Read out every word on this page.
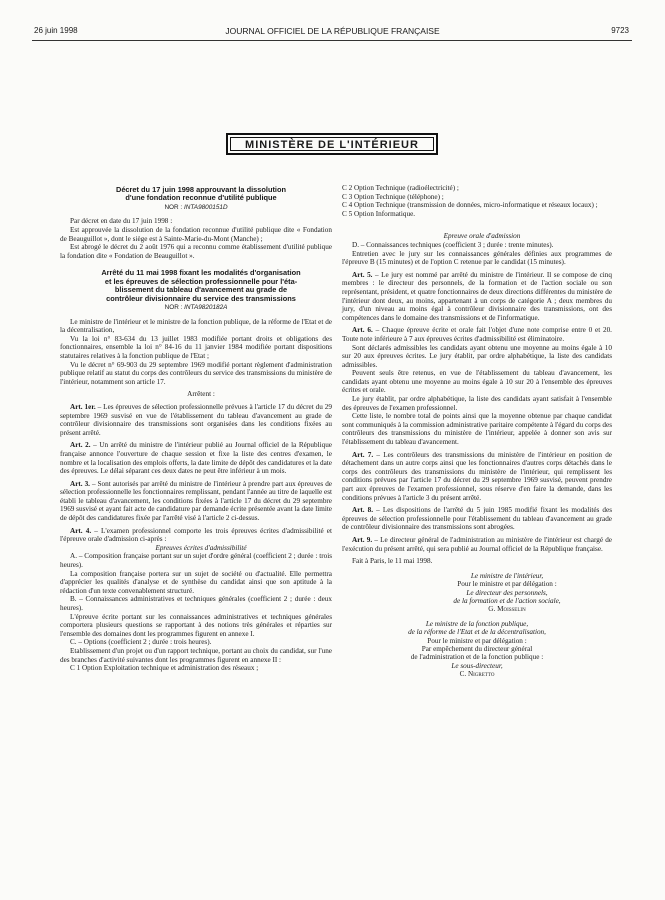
26 juin 1998	JOURNAL OFFICIEL DE LA RÉPUBLIQUE FRANÇAISE	9723
MINISTÈRE DE L'INTÉRIEUR

Décret du 17 juin 1998 approuvant la dissolution

d'une fondation reconnue d'utilité publique

NOR : INTA9800151D

Par décret en date du 17 juin 1998 :

Est approuvée la dissolution de la fondation reconnue d'utilité publique dite « Fondation de Beauguillot », dont le siège est à Sainte-Marie-du-Mont (Manche) ;

Est abrogé le décret du 2 août 1976 qui a reconnu comme établissement d'utilité publique la fondation dite « Fondation de Beauguillot ».

Arrêté du 11 mai 1998 fixant les modalités d'organisation

et les épreuves de sélection professionnelle pour l'éta-

blissement du tableau d'avancement au grade de

contrôleur divisionnaire du service des transmissions

NOR : INTA9820182A

Le ministre de l'intérieur et le ministre de la fonction publique, de la réforme de l'Etat et de la décentralisation,

Vu la loi n° 83-634 du 13 juillet 1983 modifiée portant droits et obligations des fonctionnaires, ensemble la loi n° 84-16 du 11 janvier 1984 modifiée portant dispositions statutaires relatives à la fonction publique de l'Etat ;

Vu le décret n° 69-903 du 29 septembre 1969 modifié portant règlement d'administration publique relatif au statut du corps des contrôleurs du service des transmissions du ministère de l'intérieur, notamment son article 17.

Arrêtent :

Art. 1er. – Les épreuves de sélection professionnelle prévues à l'article 17 du décret du 29 septembre 1969 susvisé en vue de l'établissement du tableau d'avancement au grade de contrôleur divisionnaire des transmissions sont organisées dans les conditions fixées au présent arrêté.

Art. 2. – Un arrêté du ministre de l'intérieur publié au Journal officiel de la République française annonce l'ouverture de chaque session et fixe la liste des centres d'examen, le nombre et la localisation des emplois offerts, la date limite de dépôt des candidatures et la date des épreuves. Le délai séparant ces deux dates ne peut être inférieur à un mois.

Art. 3. – Sont autorisés par arrêté du ministre de l'intérieur à prendre part aux épreuves de sélection professionnelle les fonctionnaires remplissant, pendant l'année au titre de laquelle est établi le tableau d'avancement, les conditions fixées à l'article 17 du décret du 29 septembre 1969 susvisé et ayant fait acte de candidature par demande écrite présentée avant la date limite de dépôt des candidatures fixée par l'arrêté visé à l'article 2 ci-dessus.

Art. 4. – L'examen professionnel comporte les trois épreuves écrites d'admissibilité et l'épreuve orale d'admission ci-après :

Epreuves écrites d'admissibilité

A. – Composition française portant sur un sujet d'ordre général (coefficient 2 ; durée : trois heures).

La composition française portera sur un sujet de société ou d'actualité. Elle permettra d'apprécier les qualités d'analyse et de synthèse du candidat ainsi que son aptitude à la rédaction d'un texte convenablement structuré.

B. – Connaissances administratives et techniques générales (coefficient 2 ; durée : deux heures).

L'épreuve écrite portant sur les connaissances administratives et techniques générales comportera plusieurs questions se rapportant à des notions très générales et réparties sur l'ensemble des domaines dont les programmes figurent en annexe I.

C. – Options (coefficient 2 ; durée : trois heures).

Etablissement d'un projet ou d'un rapport technique, portant au choix du candidat, sur l'une des branches d'activité suivantes dont les programmes figurent en annexe II :

C 1 Option Exploitation technique et administration des réseaux ;

C 2 Option Technique (radioélectricité) ;

C 3 Option Technique (téléphone) ;

C 4 Option Technique (transmission de données, micro-informatique et réseaux locaux) ;

C 5 Option Informatique.

Epreuve orale d'admission

D. – Connaissances techniques (coefficient 3 ; durée : trente minutes).

Entretien avec le jury sur les connaissances générales définies aux programmes de l'épreuve B (15 minutes) et de l'option C retenue par le candidat (15 minutes).

Art. 5. – Le jury est nommé par arrêté du ministre de l'intérieur. Il se compose de cinq membres : le directeur des personnels, de la formation et de l'action sociale ou son représentant, président, et quatre fonctionnaires de deux directions différentes du ministère de l'intérieur dont deux, au moins, appartenant à un corps de catégorie A ; deux membres du jury, d'un niveau au moins égal à contrôleur divisionnaire des transmissions, ont des compétences dans le domaine des transmissions et de l'informatique.

Art. 6. – Chaque épreuve écrite et orale fait l'objet d'une note comprise entre 0 et 20. Toute note inférieure à 7 aux épreuves écrites d'admissibilité est éliminatoire.

Sont déclarés admissibles les candidats ayant obtenu une moyenne au moins égale à 10 sur 20 aux épreuves écrites. Le jury établit, par ordre alphabétique, la liste des candidats admissibles.

Peuvent seuls être retenus, en vue de l'établissement du tableau d'avancement, les candidats ayant obtenu une moyenne au moins égale à 10 sur 20 à l'ensemble des épreuves écrites et orale.

Le jury établit, par ordre alphabétique, la liste des candidats ayant satisfait à l'ensemble des épreuves de l'examen professionnel.

Cette liste, le nombre total de points ainsi que la moyenne obtenue par chaque candidat sont communiqués à la commission administrative paritaire compétente à l'égard du corps des contrôleurs des transmissions du ministère de l'intérieur, appelée à donner son avis sur l'établissement du tableau d'avancement.

Art. 7. – Les contrôleurs des transmissions du ministère de l'intérieur en position de détachement dans un autre corps ainsi que les fonctionnaires d'autres corps détachés dans le corps des contrôleurs des transmissions du ministère de l'intérieur, qui remplissent les conditions prévues par l'article 17 du décret du 29 septembre 1969 susvisé, peuvent prendre part aux épreuves de l'examen professionnel, sous réserve d'en faire la demande, dans les conditions prévues à l'article 3 du présent arrêté.

Art. 8. – Les dispositions de l'arrêté du 5 juin 1985 modifié fixant les modalités des épreuves de sélection professionnelle pour l'établissement du tableau d'avancement au grade de contrôleur divisionnaire des transmissions sont abrogées.

Art. 9. – Le directeur général de l'administration au ministère de l'intérieur est chargé de l'exécution du présent arrêté, qui sera publié au Journal officiel de la République française.

Fait à Paris, le 11 mai 1998.

Le ministre de l'intérieur,
Pour le ministre et par délégation :
Le directeur des personnels,
de la formation et de l'action sociale,
G. Moisselin
Le ministre de la fonction publique,
de la réforme de l'Etat et de la décentralisation,
Pour le ministre et par délégation :
Par empêchement du directeur général
de l'administration et de la fonction publique :
Le sous-directeur,
C. Nigretto
